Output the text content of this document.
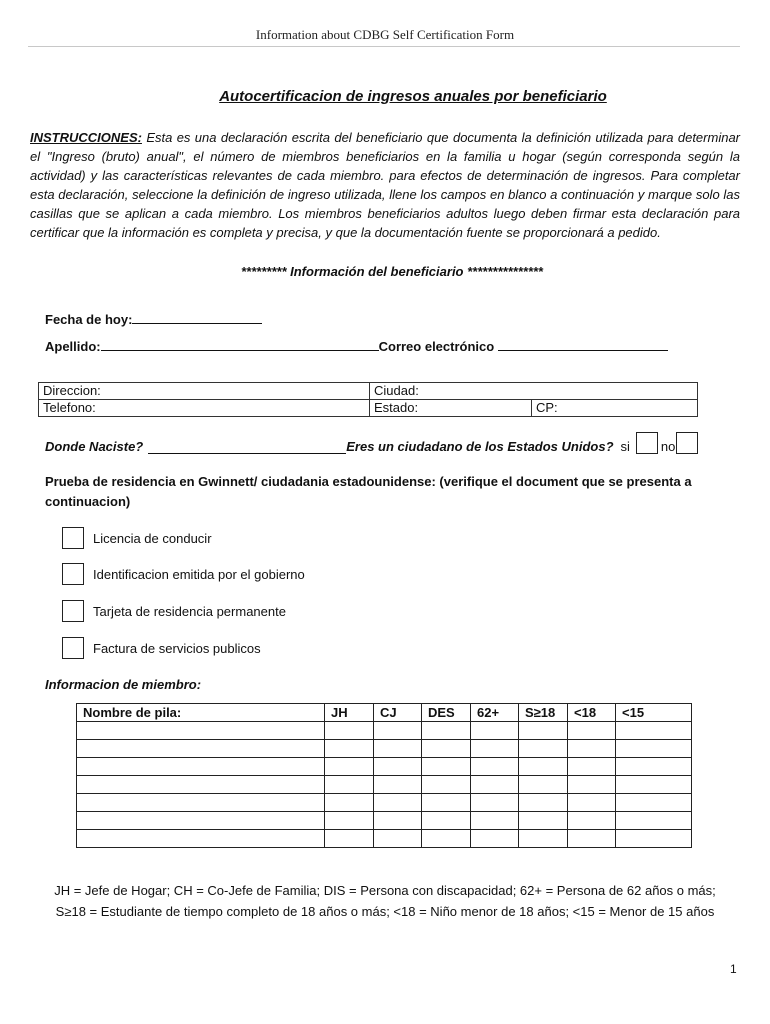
Information about CDBG Self Certification Form
Autocertificacion de ingresos anuales por beneficiario
INSTRUCCIONES: Esta es una declaración escrita del beneficiario que documenta la definición utilizada para determinar el "Ingreso (bruto) anual", el número de miembros beneficiarios en la familia u hogar (según corresponda según la actividad) y las características relevantes de cada miembro. para efectos de determinación de ingresos. Para completar esta declaración, seleccione la definición de ingreso utilizada, llene los campos en blanco a continuación y marque solo las casillas que se aplican a cada miembro. Los miembros beneficiarios adultos luego deben firmar esta declaración para certificar que la información es completa y precisa, y que la documentación fuente se proporcionará a pedido.
********* Información del beneficiario ***************
Fecha de hoy:
Apellido:	Correo electrónico
Direccion:	Ciudad:	
Telefono:	Estado:	CP:
Donde Naciste?	Eres un ciudadano de los Estados Unidos? si no
Prueba de residencia en Gwinnett/ ciudadania estadounidense: (verifique el document que se presenta a continuacion)
Licencia de conducir
Identificacion emitida por el gobierno
Tarjeta de residencia permanente
Factura de servicios publicos
Informacion de miembro:
Nombre de pila:	JH	CJ	DES	62+	S≥18	<18	<15

JH = Jefe de Hogar; CH = Co-Jefe de Familia; DIS = Persona con discapacidad; 62+ = Persona de 62 años o más;
S≥18 = Estudiante de tiempo completo de 18 años o más; <18 = Niño menor de 18 años; <15 = Menor de 15 años
1
